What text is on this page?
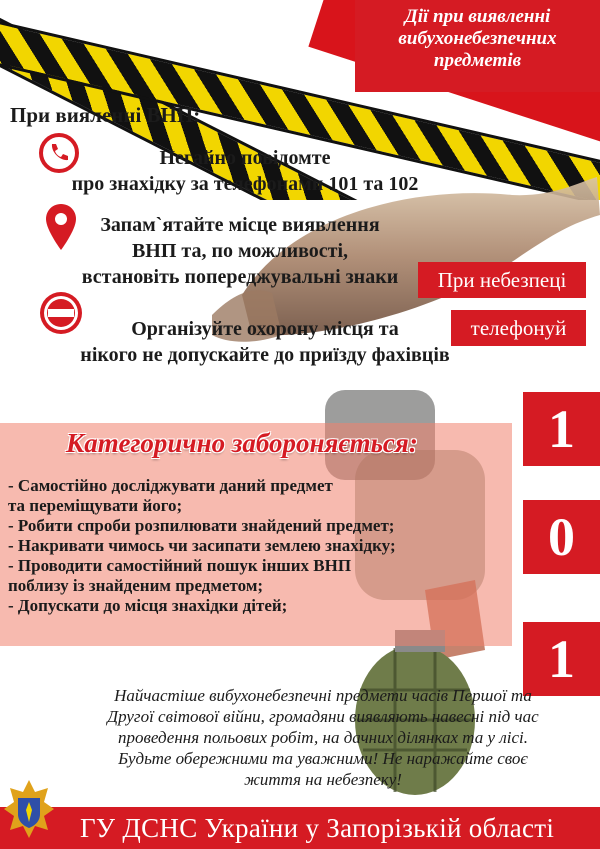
Дії при виявленні
вибухонебезпечних
предметів
При вияленні ВНП:
Негайно повідомте
про знахідку за телефонами 101 та 102
Запам`ятайте місце виявлення
ВНП та, по можливості,
встановіть попереджувальні знаки
Організуйте охорону місця та
нікого не допускайте до приїзду фахівців
При небезпеці
телефонуй
1
0
1
Категорично забороняється:
- Самостійно досліджувати даний предмет
та переміщувати його;
- Робити спроби розпилювати знайдений предмет;
- Накривати чимось чи засипати землею знахідку;
- Проводити самостійний пошук інших ВНП
поблизу із знайденим предметом;
- Допускати до місця знахідки дітей;
Найчастіше вибухонебезпечні предмети часів Першої та
Другої світової війни, громадяни виявляють навесні під час
проведення польових робіт, на дачних ділянках та у лісі.
Будьте обережними та уважними! Не наражайте своє
життя на небезпеку!
ГУ ДСНС України у Запорізькій області
